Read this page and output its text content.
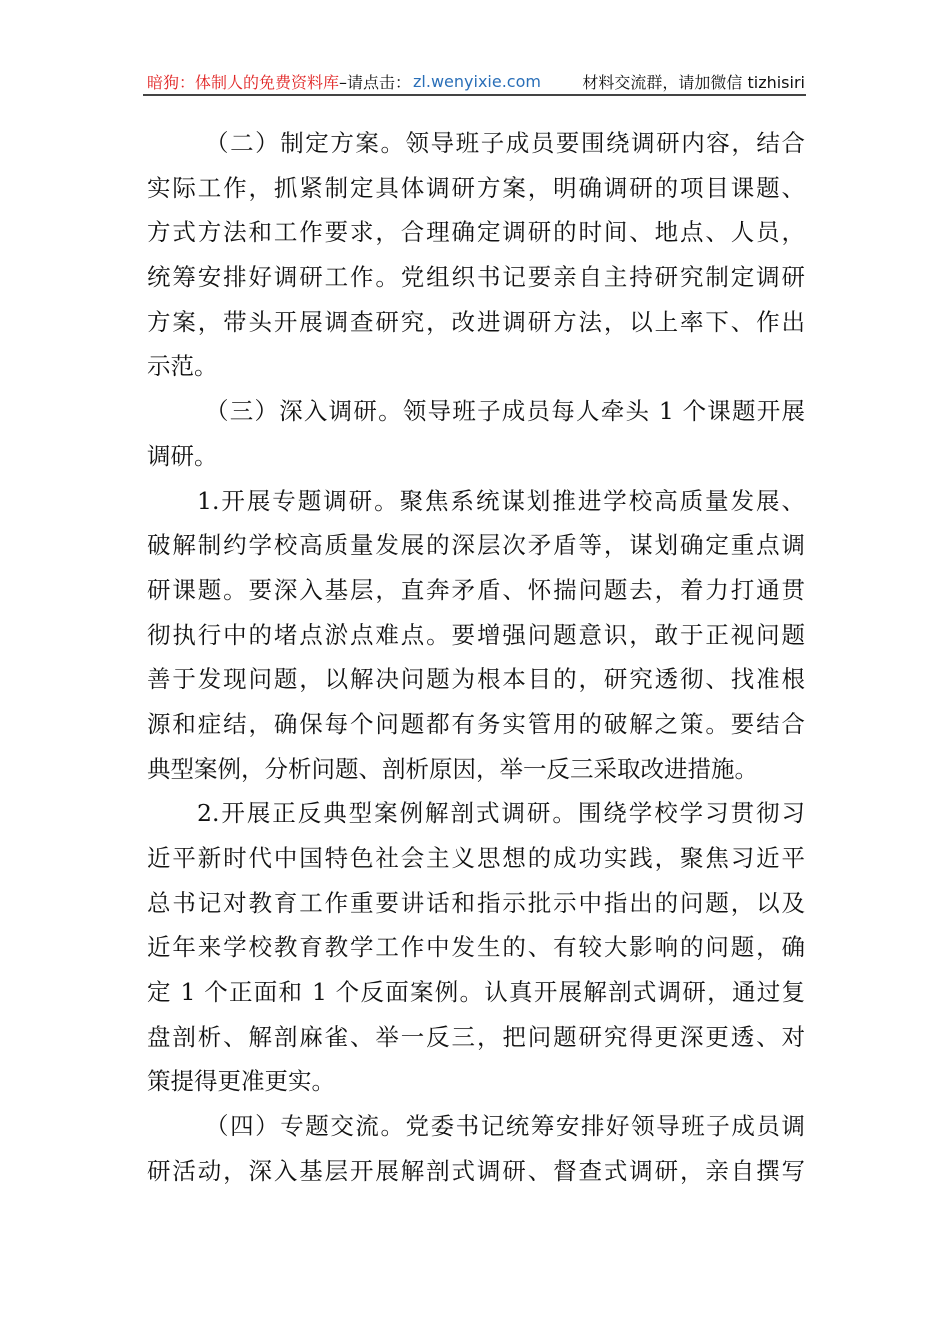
暗狗：体制人的免费资料库 –请点击： zl.wenyixie.com	材料交流群，请加微信 tizhisiri
（二）制定方案。领导班子成员要围绕调研内容，结合
实际工作，抓紧制定具体调研方案，明确调研的项目课题、
方式方法和工作要求，合理确定调研的时间、地点、人员，
统筹安排好调研工作。党组织书记要亲自主持研究制定调研
方案，带头开展调查研究，改进调研方法，以上率下、作出
示范。
（三）深入调研。领导班子成员每人牵头 1 个课题开展
调研。
1.开展专题调研。聚焦系统谋划推进学校高质量发展、
破解制约学校高质量发展的深层次矛盾等，谋划确定重点调
研课题。要深入基层，直奔矛盾、怀揣问题去，着力打通贯
彻执行中的堵点淤点难点。要增强问题意识，敢于正视问题
善于发现问题，以解决问题为根本目的，研究透彻、找准根
源和症结，确保每个问题都有务实管用的破解之策。要结合
典型案例，分析问题、剖析原因，举一反三采取改进措施。
2.开展正反典型案例解剖式调研。围绕学校学习贯彻习
近平新时代中国特色社会主义思想的成功实践，聚焦习近平
总书记对教育工作重要讲话和指示批示中指出的问题，以及
近年来学校教育教学工作中发生的、有较大影响的问题，确
定 1 个正面和 1 个反面案例。认真开展解剖式调研，通过复
盘剖析、解剖麻雀、举一反三，把问题研究得更深更透、对
策提得更准更实。
（四）专题交流。党委书记统筹安排好领导班子成员调
研活动，深入基层开展解剖式调研、督查式调研，亲自撰写
